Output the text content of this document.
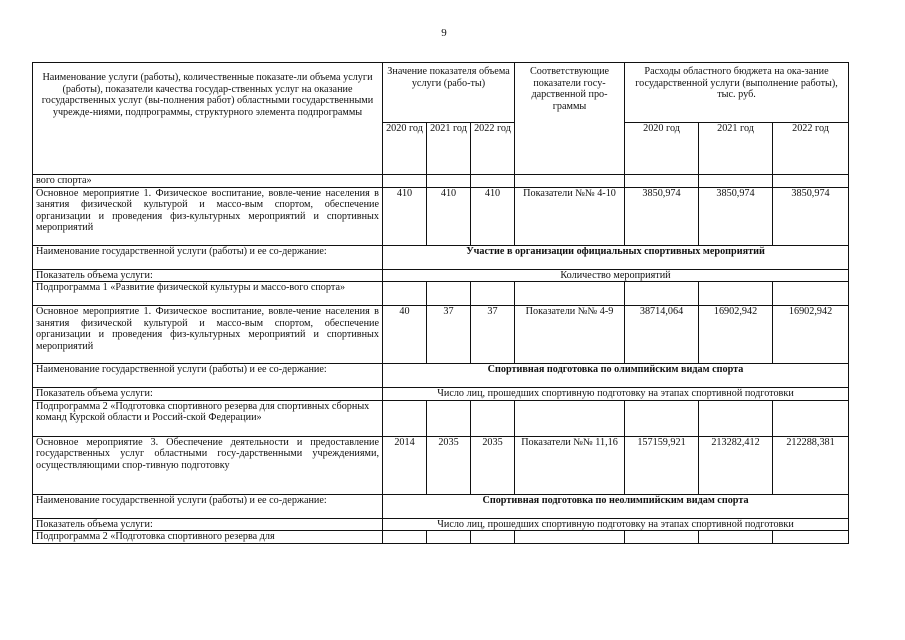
9
Наименование услуги (работы), количественные показате-ли объема услуги (работы), показатели качества государ-ственных услуг на оказание государственных услуг (вы-полнения работ) областными государственными учрежде-ниями, подпрограммы, структурного элемента подпрограммы	Значение показателя объема услуги (рабо-ты)			Соответствующие показатели госу-дарственной про-граммы	Расходы областного бюджета на ока-зание государственной услуги (выполнение работы), тыс. руб.		
	2020 год	2021 год	2022 год		2020 год	2021 год	2022 год
вого спорта»							
Основное мероприятие 1. Физическое воспитание, вовле-чение населения в занятия физической культурой и массо-вым спортом, обеспечение организации и проведения физ-культурных мероприятий и спортивных мероприятий	410	410	410	Показатели №№ 4-10	3850,974	3850,974	3850,974
Наименование государственной услуги (работы) и ее со-держание:	Участие в организации официальных спортивных мероприятий						
Показатель объема услуги:	Количество мероприятий						
Подпрограмма 1 «Развитие физической культуры и массо-вого спорта»							
Основное мероприятие 1. Физическое воспитание, вовле-чение населения в занятия физической культурой и массо-вым спортом, обеспечение организации и проведения физ-культурных мероприятий и спортивных мероприятий	40	37	37	Показатели №№ 4-9	38714,064	16902,942	16902,942
Наименование государственной услуги (работы) и ее со-держание:	Спортивная подготовка по олимпийским видам спорта						
Показатель объема услуги:	Число лиц, прошедших спортивную подготовку на этапах спортивной подготовки						
Подпрограмма 2 «Подготовка спортивного резерва для спортивных сборных команд Курской области и Россий-ской Федерации»							
Основное мероприятие 3. Обеспечение деятельности и предоставление государственных услуг областными госу-дарственными учреждениями, осуществляющими спор-тивную подготовку	2014	2035	2035	Показатели №№ 11,16	157159,921	213282,412	212288,381
Наименование государственной услуги (работы) и ее со-держание:	Спортивная подготовка по неолимпийским видам спорта						
Показатель объема услуги:	Число лиц, прошедших спортивную подготовку на этапах спортивной подготовки						
Подпрограмма 2 «Подготовка спортивного резерва для							
